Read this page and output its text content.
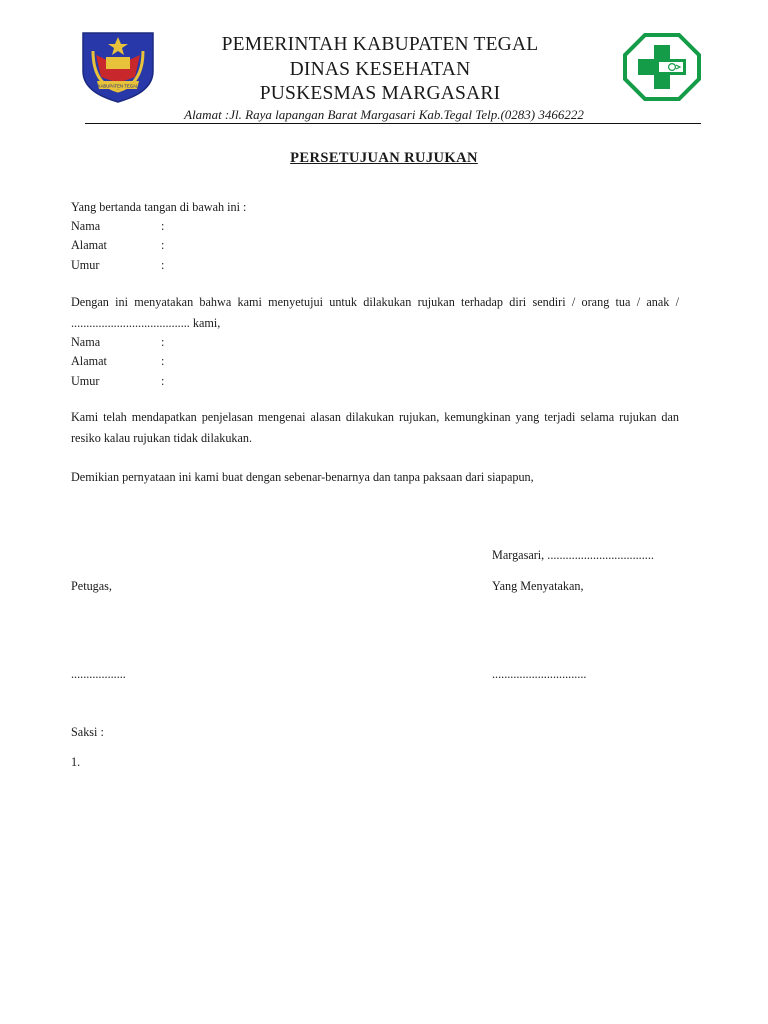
KABUPATEN TEGAL
PEMERINTAH KABUPATEN TEGAL
DINAS KESEHATAN
PUSKESMAS MARGASARI
Alamat :Jl. Raya lapangan Barat Margasari Kab.Tegal Telp.(0283) 3466222
PERSETUJUAN RUJUKAN
Yang bertanda tangan di bawah ini :
Nama	:
Alamat	:
Umur	:
Dengan ini menyatakan bahwa kami menyetujui untuk dilakukan rujukan terhadap diri sendiri / orang tua / anak / ....................................... kami,
Nama	:
Alamat	:
Umur	:
Kami telah mendapatkan penjelasan mengenai alasan dilakukan rujukan, kemungkinan yang terjadi selama rujukan dan resiko kalau rujukan tidak dilakukan.
Demikian pernyataan ini kami buat dengan sebenar-benarnya dan tanpa paksaan dari siapapun,
Margasari, ...................................
Petugas,	Yang Menyatakan,
..................	...............................
Saksi :
1.
